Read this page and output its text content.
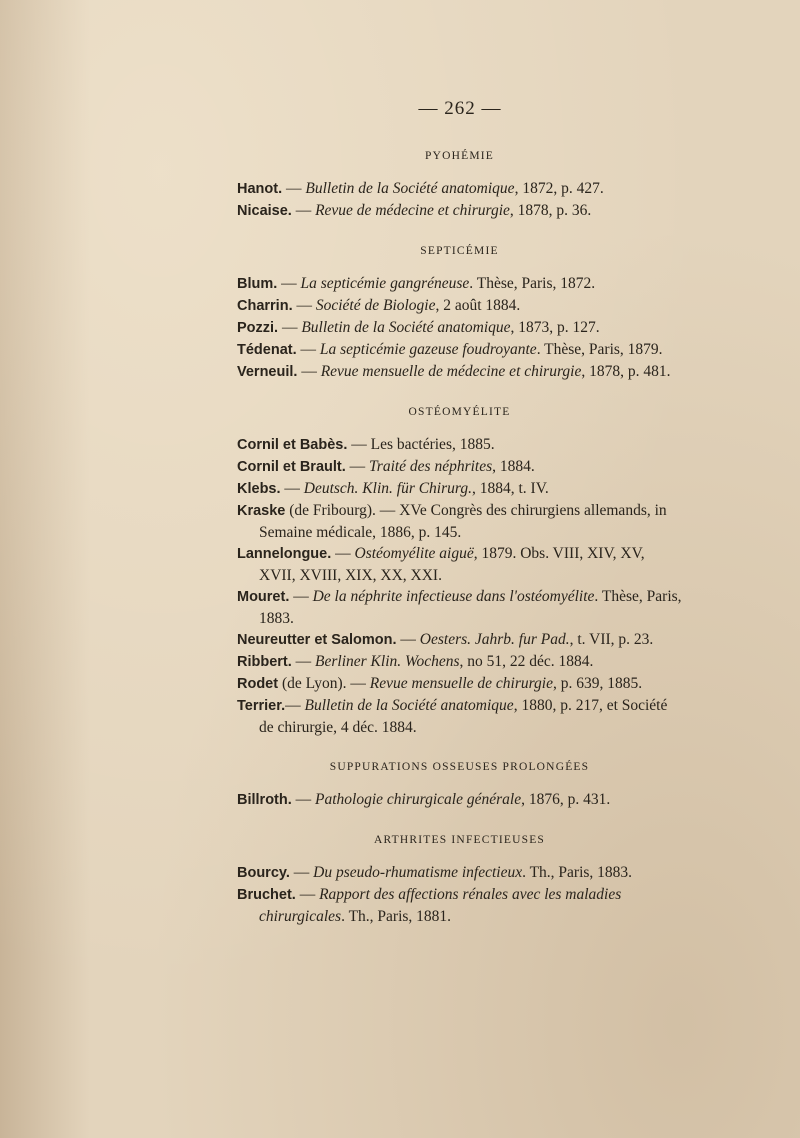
— 262 —
PYOHÉMIE

Hanot. — Bulletin de la Société anatomique, 1872, p. 427.

Nicaise. — Revue de médecine et chirurgie, 1878, p. 36.

SEPTICÉMIE

Blum. — La septicémie gangréneuse. Thèse, Paris, 1872.

Charrin. — Société de Biologie, 2 août 1884.

Pozzi. — Bulletin de la Société anatomique, 1873, p. 127.

Tédenat. — La septicémie gazeuse foudroyante. Thèse, Paris, 1879.

Verneuil. — Revue mensuelle de médecine et chirurgie, 1878, p. 481.

OSTÉOMYÉLITE

Cornil et Babès. — Les bactéries, 1885.

Cornil et Brault. — Traité des néphrites, 1884.

Klebs. — Deutsch. Klin. für Chirurg., 1884, t. IV.

Kraske (de Fribourg). — XVe Congrès des chirurgiens allemands, in Semaine médicale, 1886, p. 145.

Lannelongue. — Ostéomyélite aiguë, 1879. Obs. VIII, XIV, XV, XVII, XVIII, XIX, XX, XXI.

Mouret. — De la néphrite infectieuse dans l'ostéomyélite. Thèse, Paris, 1883.

Neureutter et Salomon. — Oesters. Jahrb. fur Pad., t. VII, p. 23.

Ribbert. — Berliner Klin. Wochens, no 51, 22 déc. 1884.

Rodet (de Lyon). — Revue mensuelle de chirurgie, p. 639, 1885.

Terrier.— Bulletin de la Société anatomique, 1880, p. 217, et Société de chirurgie, 4 déc. 1884.

SUPPURATIONS OSSEUSES PROLONGÉES

Billroth. — Pathologie chirurgicale générale, 1876, p. 431.

ARTHRITES INFECTIEUSES

Bourcy. — Du pseudo-rhumatisme infectieux. Th., Paris, 1883.

Bruchet. — Rapport des affections rénales avec les maladies chirurgicales. Th., Paris, 1881.
